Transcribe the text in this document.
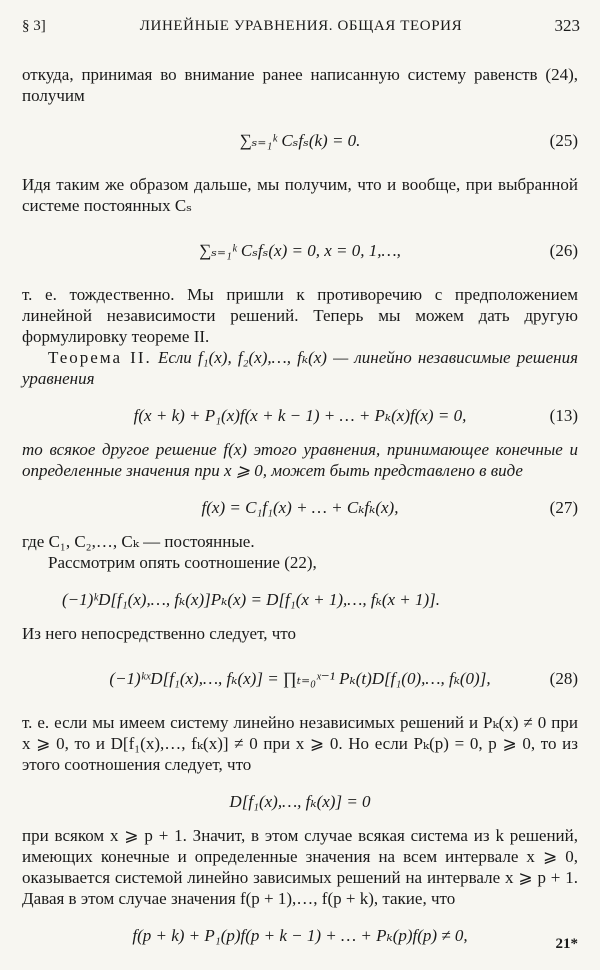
§ 3]	ЛИНЕЙНЫЕ УРАВНЕНИЯ. ОБЩАЯ ТЕОРИЯ	323

откуда, принимая во внимание ранее написанную систему равенств (24), получим

∑ₛ₌₁ᵏ Cₛfₛ(k) = 0.	(25)

Идя таким же образом дальше, мы получим, что и вообще, при выбранной системе постоянных Cₛ

∑ₛ₌₁ᵏ Cₛfₛ(x) = 0, x = 0, 1,…,	(26)

т. е. тождественно. Мы пришли к противоречию с предположением линейной независимости решений. Теперь мы можем дать другую формулировку теореме II.

Теорема II. Если f₁(x), f₂(x),…, fₖ(x) — линейно независимые решения уравнения

f(x + k) + P₁(x)f(x + k − 1) + … + Pₖ(x)f(x) = 0,	(13)

то всякое другое решение f(x) этого уравнения, принимающее конечные и определенные значения при x ⩾ 0, может быть представлено в виде

f(x) = C₁f₁(x) + … + Cₖfₖ(x),	(27)

где C₁, C₂,…, Cₖ — постоянные.

Рассмотрим опять соотношение (22),

(−1)ᵏD[f₁(x),…, fₖ(x)]Pₖ(x) = D[f₁(x + 1),…, fₖ(x + 1)].

Из него непосредственно следует, что

(−1)ᵏˣD[f₁(x),…, fₖ(x)] = ∏ₜ₌₀ˣ⁻¹ Pₖ(t)D[f₁(0),…, fₖ(0)],	(28)

т. е. если мы имеем систему линейно независимых решений и Pₖ(x) ≠ 0 при x ⩾ 0, то и D[f₁(x),…, fₖ(x)] ≠ 0 при x ⩾ 0. Но если Pₖ(p) = 0, p ⩾ 0, то из этого соотношения следует, что

D[f₁(x),…, fₖ(x)] = 0

при всяком x ⩾ p + 1. Значит, в этом случае всякая система из k решений, имеющих конечные и определенные значения на всем интервале x ⩾ 0, оказывается системой линейно зависимых решений на интервале x ⩾ p + 1. Давая в этом случае значения f(p + 1),…, f(p + k), такие, что

f(p + k) + P₁(p)f(p + k − 1) + … + Pₖ(p)f(p) ≠ 0,	21*
